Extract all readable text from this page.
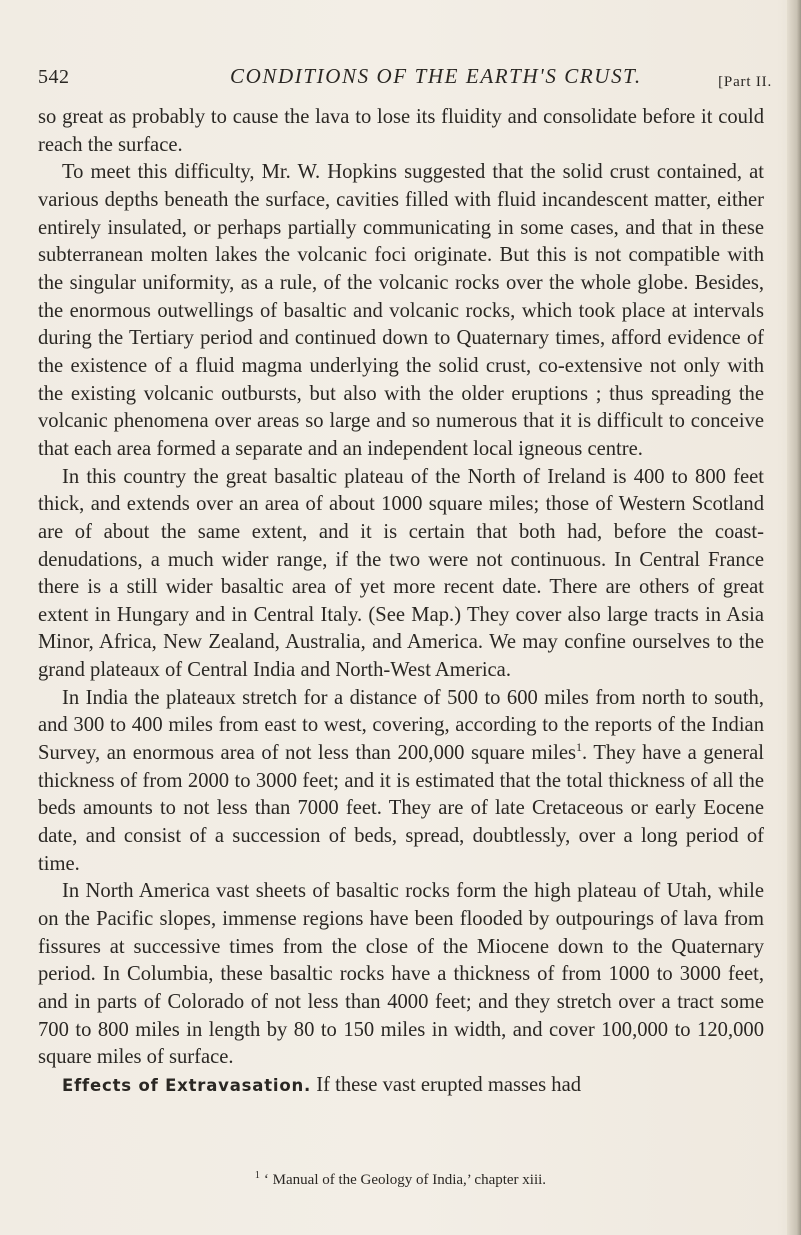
542	CONDITIONS OF THE EARTH'S CRUST.	[Part II.

so great as probably to cause the lava to lose its fluidity and consolidate before it could reach the surface.

To meet this difficulty, Mr. W. Hopkins suggested that the solid crust contained, at various depths beneath the surface, cavities filled with fluid incandescent matter, either entirely insulated, or perhaps partially communicating in some cases, and that in these subterranean molten lakes the volcanic foci originate. But this is not compatible with the singular uniformity, as a rule, of the volcanic rocks over the whole globe. Besides, the enormous outwellings of basaltic and volcanic rocks, which took place at intervals during the Tertiary period and continued down to Quaternary times, afford evidence of the existence of a fluid magma underlying the solid crust, co-extensive not only with the existing volcanic outbursts, but also with the older eruptions ; thus spreading the volcanic phenomena over areas so large and so numerous that it is difficult to conceive that each area formed a separate and an independent local igneous centre.

In this country the great basaltic plateau of the North of Ireland is 400 to 800 feet thick, and extends over an area of about 1000 square miles; those of Western Scotland are of about the same extent, and it is certain that both had, before the coast-denudations, a much wider range, if the two were not continuous. In Central France there is a still wider basaltic area of yet more recent date. There are others of great extent in Hungary and in Central Italy. (See Map.) They cover also large tracts in Asia Minor, Africa, New Zealand, Australia, and America. We may confine ourselves to the grand plateaux of Central India and North-West America.

In India the plateaux stretch for a distance of 500 to 600 miles from north to south, and 300 to 400 miles from east to west, covering, according to the reports of the Indian Survey, an enormous area of not less than 200,000 square miles$^1$. They have a general thickness of from 2000 to 3000 feet; and it is estimated that the total thickness of all the beds amounts to not less than 7000 feet. They are of late Cretaceous or early Eocene date, and consist of a succession of beds, spread, doubtlessly, over a long period of time.

In North America vast sheets of basaltic rocks form the high plateau of Utah, while on the Pacific slopes, immense regions have been flooded by outpourings of lava from fissures at successive times from the close of the Miocene down to the Quaternary period. In Columbia, these basaltic rocks have a thickness of from 1000 to 3000 feet, and in parts of Colorado of not less than 4000 feet; and they stretch over a tract some 700 to 800 miles in length by 80 to 150 miles in width, and cover 100,000 to 120,000 square miles of surface.

Effects of Extravasation. If these vast erupted masses had

$^1$ ‘ Manual of the Geology of India,’ chapter xiii.
